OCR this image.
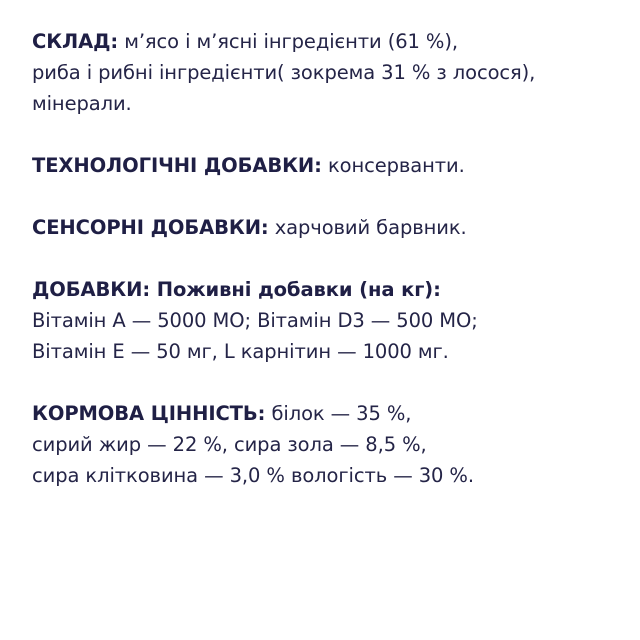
СКЛАД: м’ясо і м’ясні інгредієнти (61 %),
риба і рибні інгредієнти( зокрема 31 % з лосося),
мінерали.
ТЕХНОЛОГІЧНІ ДОБАВКИ: консерванти.
СЕНСОРНІ ДОБАВКИ: харчовий барвник.
ДОБАВКИ: Поживні добавки (на кг):
Вітамін А — 5000 МО; Вітамін D3 — 500 МО;
Вітамін Е — 50 мг, L карнітин — 1000 мг.
КОРМОВА ЦІННІСТЬ: білок — 35 %,
сирий жир — 22 %, сира зола — 8,5 %,
сира клітковина — 3,0 % вологість — 30 %.
